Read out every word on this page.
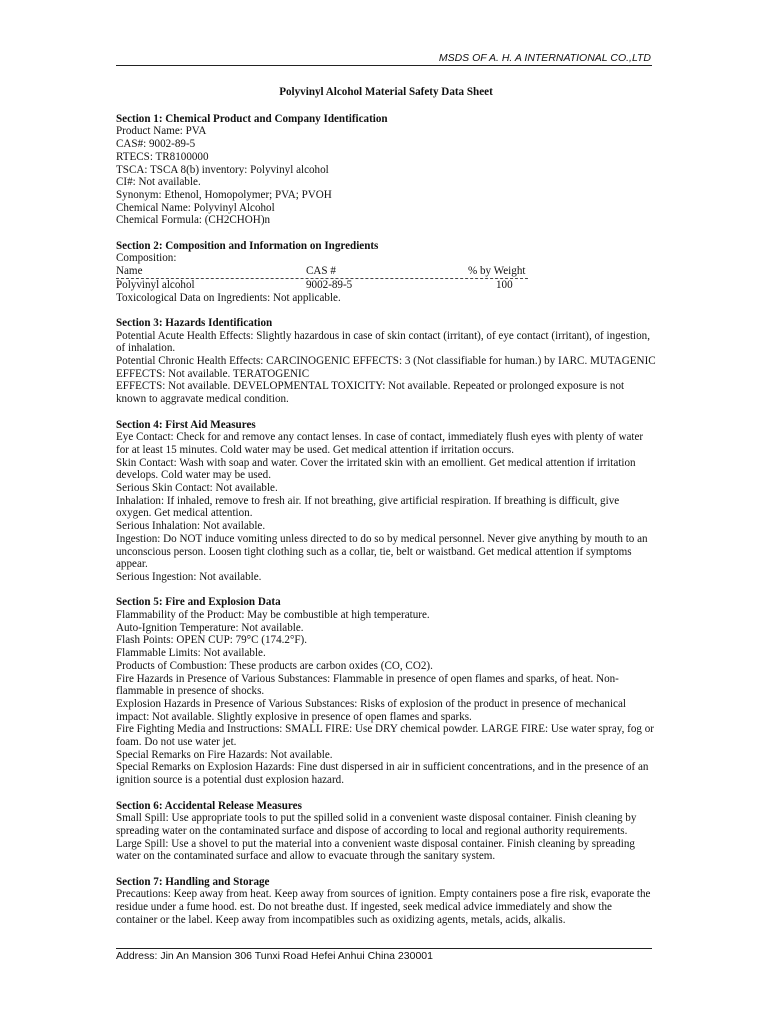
MSDS OF A. H. A INTERNATIONAL CO.,LTD
Polyvinyl Alcohol Material Safety Data Sheet
Section 1: Chemical Product and Company Identification
Product Name: PVA
CAS#: 9002-89-5
RTECS: TR8100000
TSCA: TSCA 8(b) inventory: Polyvinyl alcohol
CI#: Not available.
Synonym: Ethenol, Homopolymer; PVA; PVOH
Chemical Name: Polyvinyl Alcohol
Chemical Formula: (CH2CHOH)n
Section 2: Composition and Information on Ingredients
Composition:
Name	CAS #	% by Weight
Polyvinyl alcohol	9002-89-5	100
Toxicological Data on Ingredients: Not applicable.
Section 3: Hazards Identification
Potential Acute Health Effects: Slightly hazardous in case of skin contact (irritant), of eye contact (irritant), of ingestion, of inhalation.
Potential Chronic Health Effects: CARCINOGENIC EFFECTS: 3 (Not classifiable for human.) by IARC. MUTAGENIC EFFECTS: Not available. TERATOGENIC
EFFECTS: Not available. DEVELOPMENTAL TOXICITY: Not available. Repeated or prolonged exposure is not known to aggravate medical condition.
Section 4: First Aid Measures
Eye Contact: Check for and remove any contact lenses. In case of contact, immediately flush eyes with plenty of water for at least 15 minutes. Cold water may be used. Get medical attention if irritation occurs.
Skin Contact: Wash with soap and water. Cover the irritated skin with an emollient. Get medical attention if irritation develops. Cold water may be used.
Serious Skin Contact: Not available.
Inhalation: If inhaled, remove to fresh air. If not breathing, give artificial respiration. If breathing is difficult, give oxygen. Get medical attention.
Serious Inhalation: Not available.
Ingestion: Do NOT induce vomiting unless directed to do so by medical personnel. Never give anything by mouth to an unconscious person. Loosen tight clothing such as a collar, tie, belt or waistband. Get medical attention if symptoms appear.
Serious Ingestion: Not available.
Section 5: Fire and Explosion Data
Flammability of the Product: May be combustible at high temperature.
Auto-Ignition Temperature: Not available.
Flash Points: OPEN CUP: 79°C (174.2°F).
Flammable Limits: Not available.
Products of Combustion: These products are carbon oxides (CO, CO2).
Fire Hazards in Presence of Various Substances: Flammable in presence of open flames and sparks, of heat. Non-flammable in presence of shocks.
Explosion Hazards in Presence of Various Substances: Risks of explosion of the product in presence of mechanical impact: Not available. Slightly explosive in presence of open flames and sparks.
Fire Fighting Media and Instructions: SMALL FIRE: Use DRY chemical powder. LARGE FIRE: Use water spray, fog or foam. Do not use water jet.
Special Remarks on Fire Hazards: Not available.
Special Remarks on Explosion Hazards: Fine dust dispersed in air in sufficient concentrations, and in the presence of an ignition source is a potential dust explosion hazard.
Section 6: Accidental Release Measures
Small Spill: Use appropriate tools to put the spilled solid in a convenient waste disposal container. Finish cleaning by spreading water on the contaminated surface and dispose of according to local and regional authority requirements.
Large Spill: Use a shovel to put the material into a convenient waste disposal container. Finish cleaning by spreading water on the contaminated surface and allow to evacuate through the sanitary system.
Section 7: Handling and Storage
Precautions: Keep away from heat. Keep away from sources of ignition. Empty containers pose a fire risk, evaporate the residue under a fume hood. est. Do not breathe dust. If ingested, seek medical advice immediately and show the container or the label. Keep away from incompatibles such as oxidizing agents, metals, acids, alkalis.
Address: Jin An Mansion 306 Tunxi Road Hefei Anhui China 230001
